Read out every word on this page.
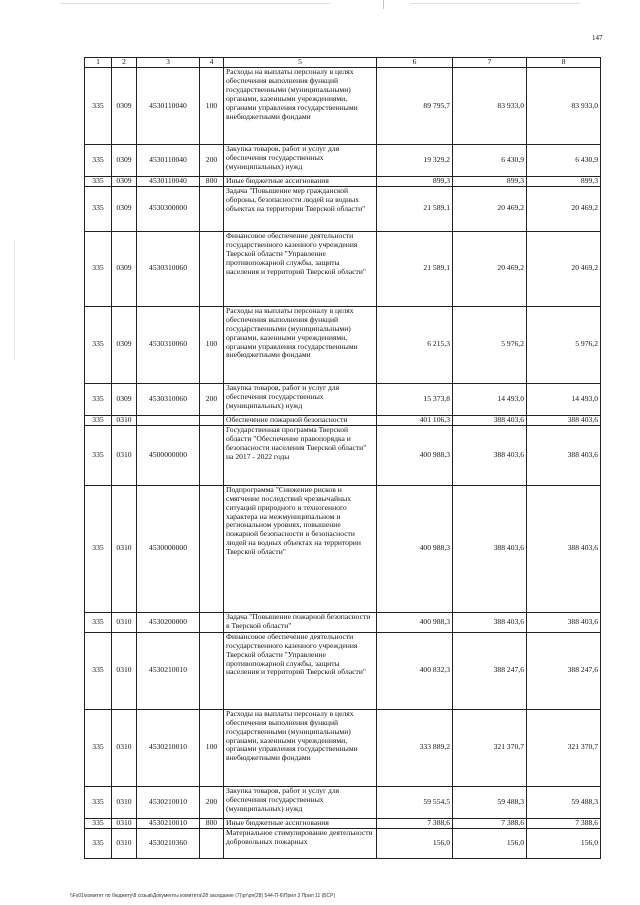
147
1	2	3	4	5	6	7	8
335	0309	4530110040	100	Расходы на выплаты персоналу в целях обеспечения выполнения функций государственными (муниципальными) органами, казенными учреждениями, органами управления государственными внебюджетными фондами	89 795,7	83 933,0	83 933,0
335	0309	4530110040	200	Закупка товаров, работ и услуг для обеспечения государственных (муниципальных) нужд	19 329,2	6 430,9	6 430,9
335	0309	4530110040	800	Иные бюджетные ассигнования	899,3	899,3	899,3
335	0309	4530300000		Задача "Повышение мер гражданской обороны, безопасности людей на водных объектах на территории Тверской области"	21 589,1	20 469,2	20 469,2
335	0309	4530310060		Финансовое обеспечение деятельности государственного казенного учреждения Тверской области "Управление противопожарной службы, защиты населения и территорий Тверской области"	21 589,1	20 469,2	20 469,2
335	0309	4530310060	100	Расходы на выплаты персоналу в целях обеспечения выполнения функций государственными (муниципальными) органами, казенными учреждениями, органами управления государственными внебюджетными фондами	6 215,3	5 976,2	5 976,2
335	0309	4530310060	200	Закупка товаров, работ и услуг для обеспечения государственных (муниципальных) нужд	15 373,8	14 493,0	14 493,0
335	0310			Обеспечение пожарной безопасности	401 106,3	388 403,6	388 403,6
335	0310	4500000000		Государственная программа Тверской области "Обеспечение правопорядка и безопасности населения Тверской области" на 2017 - 2022 годы	400 988,3	388 403,6	388 403,6
335	0310	4530000000		Подпрограмма "Снижение рисков и смягчение последствий чрезвычайных ситуаций природного и техногенного характера на межмуниципальном и региональном уровнях, повышение пожарной безопасности и безопасности людей на водных объектах на территории Тверской области"	400 988,3	388 403,6	388 403,6
335	0310	4530200000		Задача "Повышение пожарной безопасности в Тверской области"	400 988,3	388 403,6	388 403,6
335	0310	4530210010		Финансовое обеспечение деятельности государственного казенного учреждения Тверской области "Управление противопожарной службы, защиты населения и территорий Тверской области"	400 832,3	388 247,6	388 247,6
335	0310	4530210010	100	Расходы на выплаты персоналу в целях обеспечения выполнения функций государственными (муниципальными) органами, казенными учреждениями, органами управления государственными внебюджетными фондами	333 889,2	321 370,7	321 370,7
335	0310	4530210010	200	Закупка товаров, работ и услуг для обеспечения государственных (муниципальных) нужд	59 554,5	59 488,3	59 488,3
335	0310	4530210010	800	Иные бюджетные ассигнования	7 388,6	7 388,6	7 388,6
335	0310	4530210360		Материальное стимулирование деятельности добровольных пожарных	156,0	156,0	156,0
\\Fs01\комитет по бюджету\8 созыв\Документы комитета\28 заседание (7)\рг\рп(28) 544-П-6\Прил 3 Прил 11 (БСР)
